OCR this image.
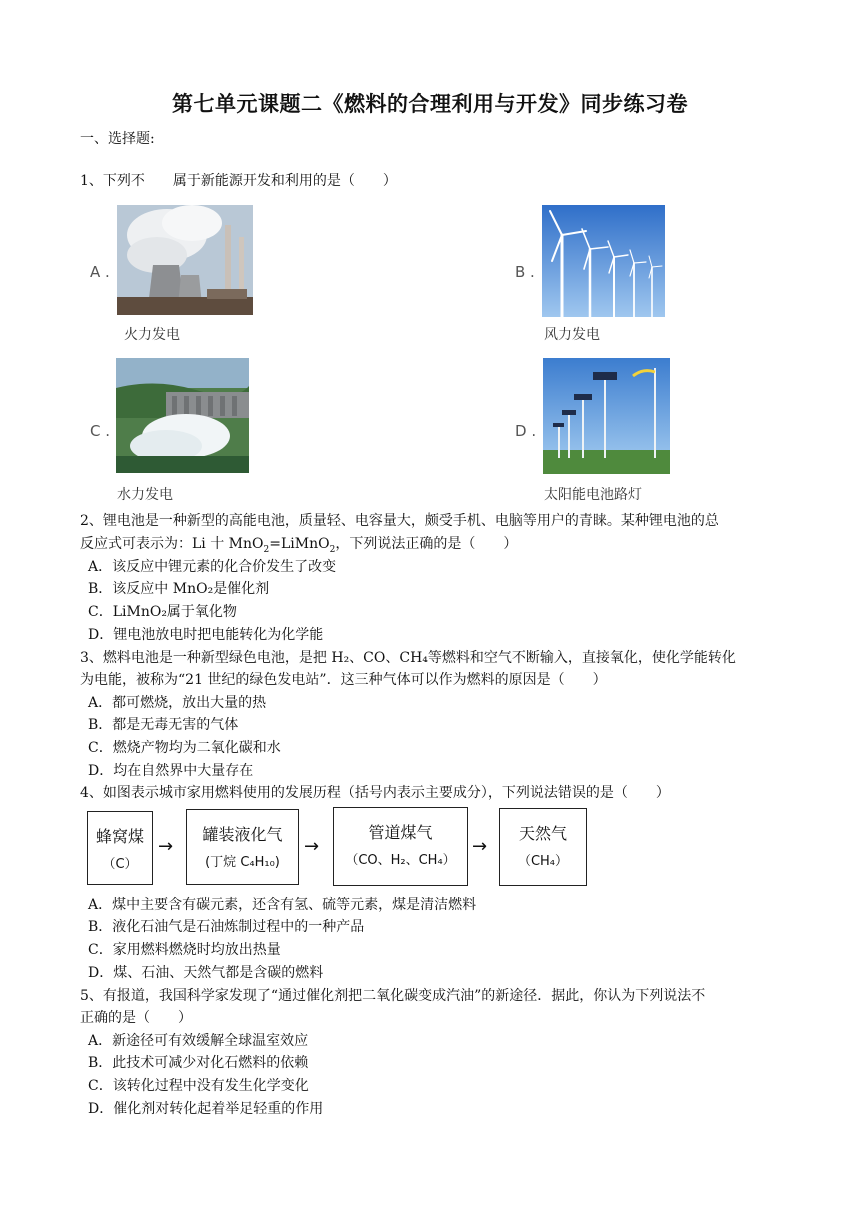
第七单元课题二《燃料的合理利用与开发》同步练习卷
一、选择题:
1、下列不　　属于新能源开发和利用的是（　　）
A .
火力发电
B .
风力发电
C .
水力发电
D .
太阳能电池路灯
2、锂电池是一种新型的高能电池，质量轻、电容量大，颇受手机、电脑等用户的青睐。某种锂电池的总
反应式可表示为：Li 十 MnO$_2$=LiMnO$_2$，下列说法正确的是（　　）
A．该反应中锂元素的化合价发生了改变
B．该反应中 MnO₂是催化剂
C．LiMnO₂属于氧化物
D．锂电池放电时把电能转化为化学能
3、燃料电池是一种新型绿色电池，是把 H₂、CO、CH₄等燃料和空气不断输入，直接氧化，使化学能转化
为电能，被称为“21 世纪的绿色发电站”．这三种气体可以作为燃料的原因是（　　）
A．都可燃烧，放出大量的热
B．都是无毒无害的气体
C．燃烧产物均为二氧化碳和水
D．均在自然界中大量存在
4、如图表示城市家用燃料使用的发展历程（括号内表示主要成分），下列说法错误的是（　　）
蜂窝煤
（C）
→
罐装液化气
(丁烷 C₄H₁₀)
→
管道煤气
（CO、H₂、CH₄）
→
天然气
（CH₄）
A．煤中主要含有碳元素，还含有氢、硫等元素，煤是清洁燃料
B．液化石油气是石油炼制过程中的一种产品
C．家用燃料燃烧时均放出热量
D．煤、石油、天然气都是含碳的燃料
5、有报道，我国科学家发现了“通过催化剂把二氧化碳变成汽油”的新途径．据此，你认为下列说法不
正确的是（　　）
A．新途径可有效缓解全球温室效应
B．此技术可减少对化石燃料的依赖
C．该转化过程中没有发生化学变化
D．催化剂对转化起着举足轻重的作用
